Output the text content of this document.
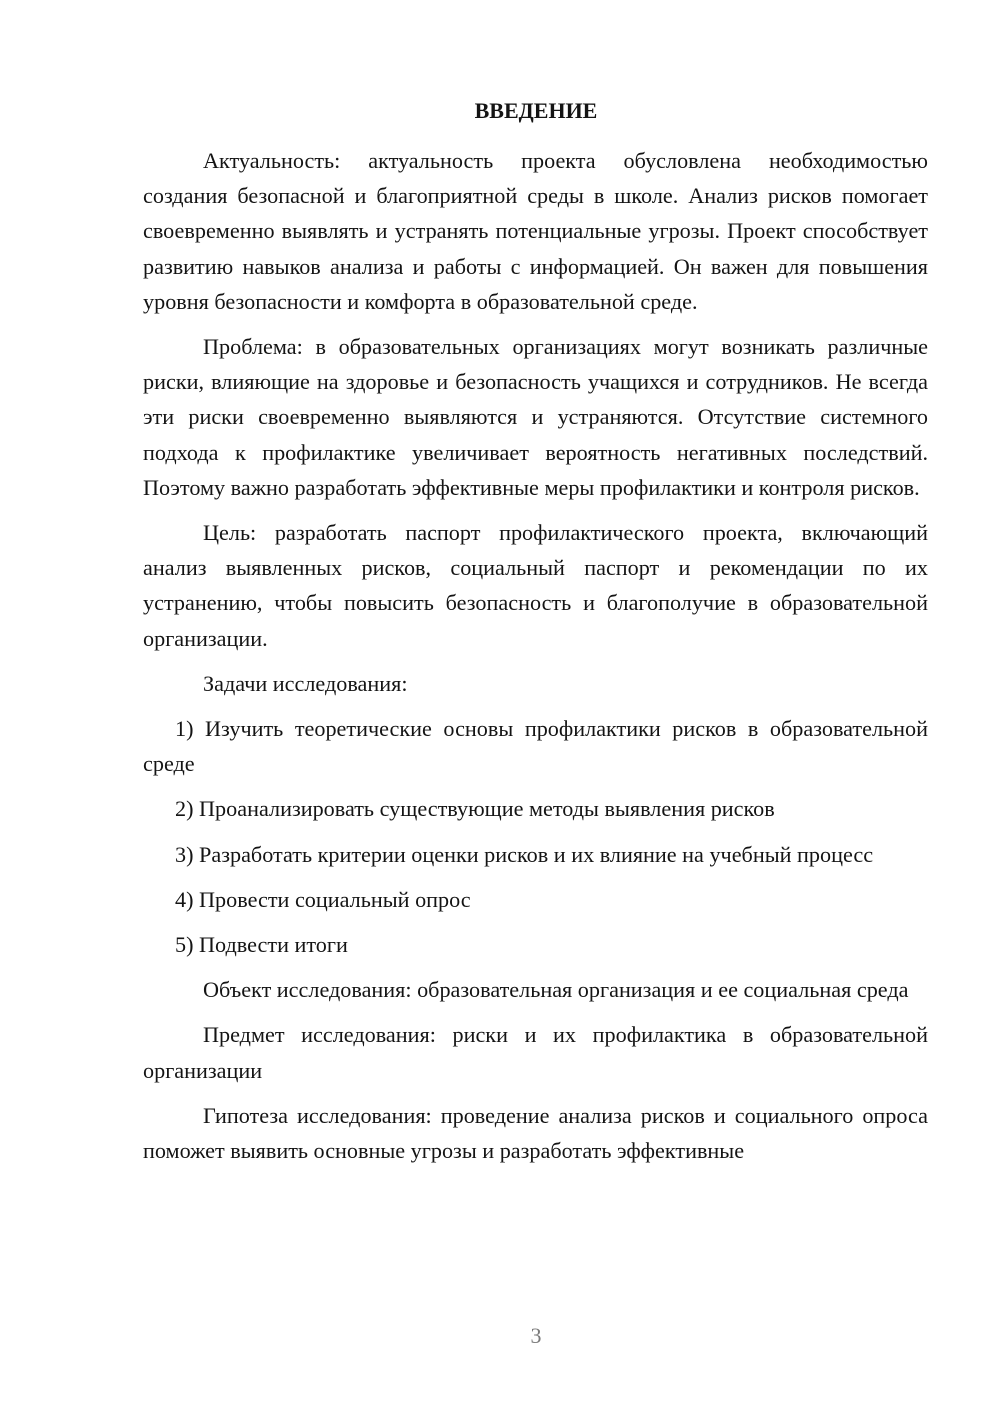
ВВЕДЕНИЕ

Актуальность: актуальность проекта обусловлена необходимостью создания безопасной и благоприятной среды в школе. Анализ рисков помогает своевременно выявлять и устранять потенциальные угрозы. Проект способствует развитию навыков анализа и работы с информацией. Он важен для повышения уровня безопасности и комфорта в образовательной среде.

Проблема: в образовательных организациях могут возникать различные риски, влияющие на здоровье и безопасность учащихся и сотрудников. Не всегда эти риски своевременно выявляются и устраняются. Отсутствие системного подхода к профилактике увеличивает вероятность негативных последствий. Поэтому важно разработать эффективные меры профилактики и контроля рисков.

Цель: разработать паспорт профилактического проекта, включающий анализ выявленных рисков, социальный паспорт и рекомендации по их устранению, чтобы повысить безопасность и благополучие в образовательной организации.

Задачи исследования:

1) Изучить теоретические основы профилактики рисков в образовательной среде

2) Проанализировать существующие методы выявления рисков

3) Разработать критерии оценки рисков и их влияние на учебный процесс

4) Провести социальный опрос

5) Подвести итоги

Объект исследования: образовательная организация и ее социальная среда

Предмет исследования: риски и их профилактика в образовательной организации

Гипотеза исследования: проведение анализа рисков и социального опроса поможет выявить основные угрозы и разработать эффективные

3
